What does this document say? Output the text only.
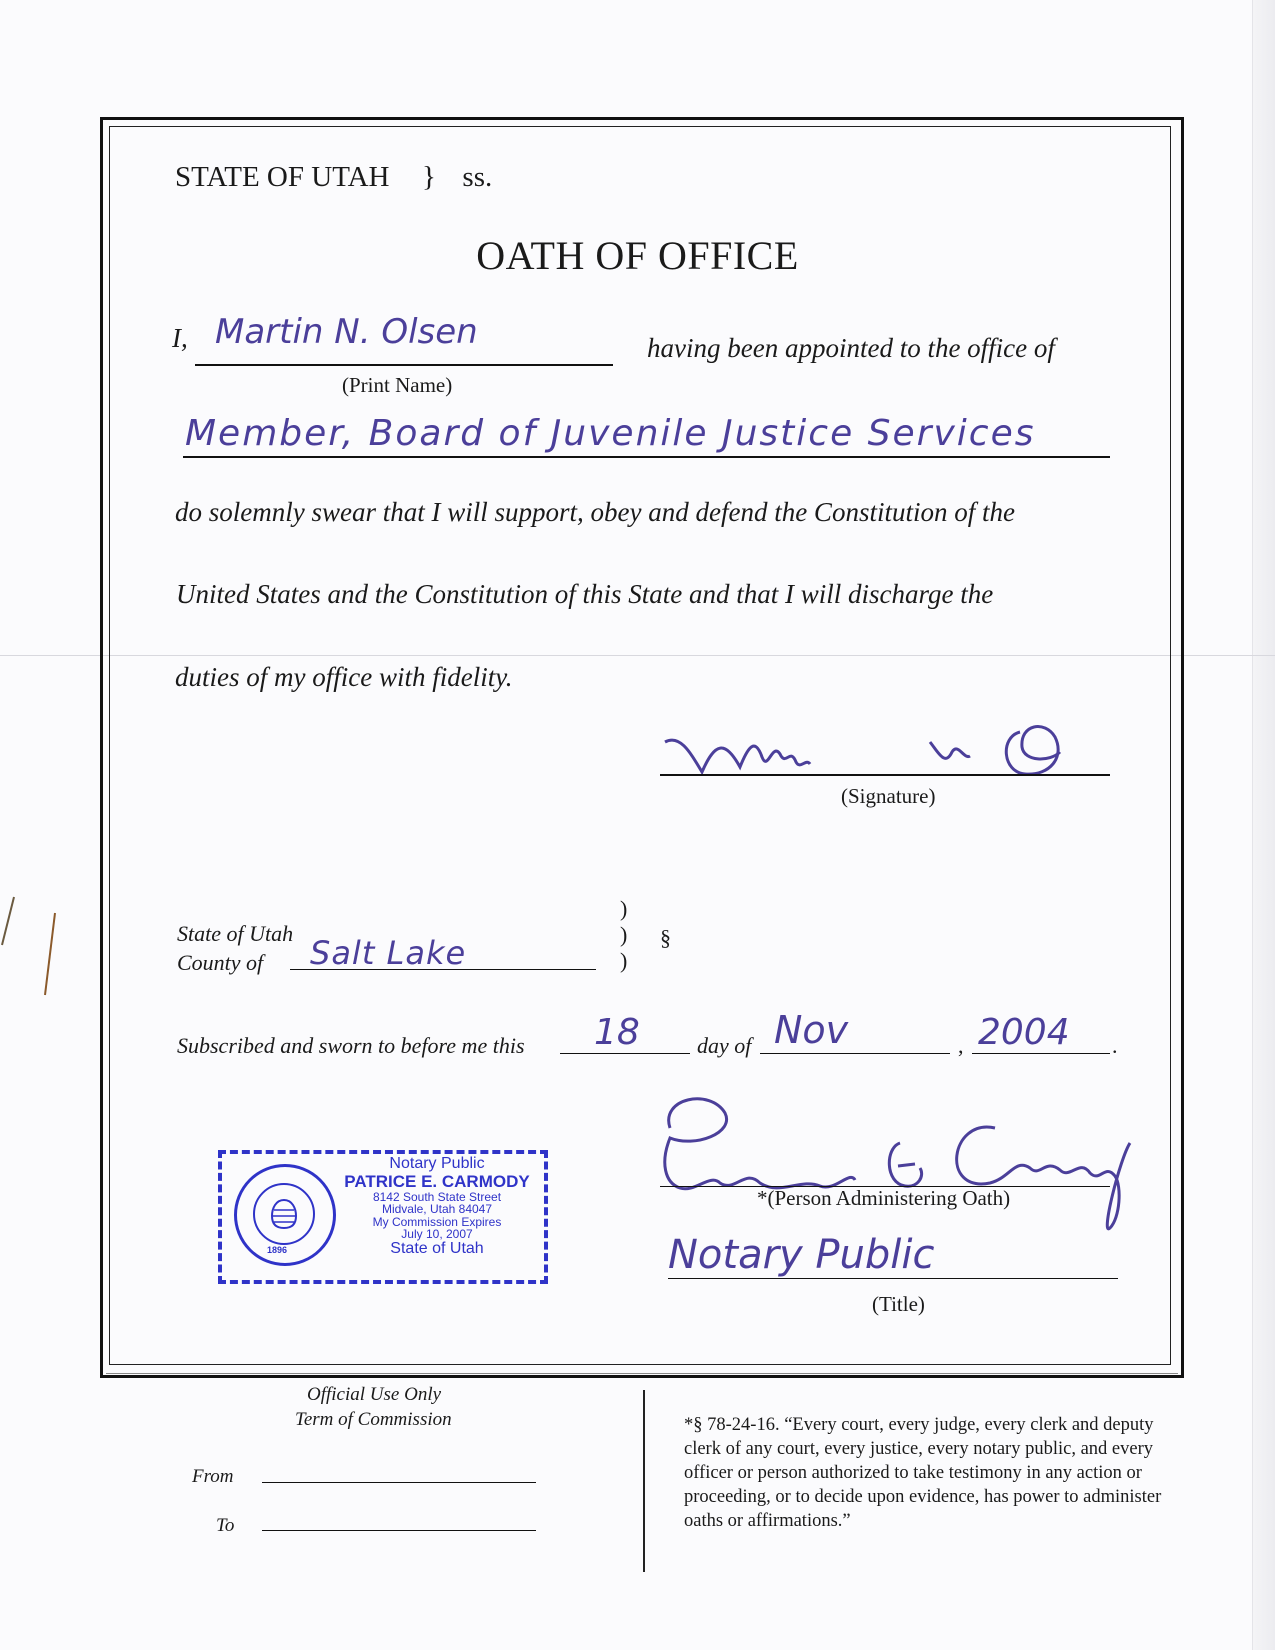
STATE OF UTAH } ss.
OATH OF OFFICE
I, Martin N. Olsen
(Print Name)
having been appointed to the office of
Member, Board of Juvenile Justice Services
do solemnly swear that I will support, obey and defend the Constitution of the
United States and the Constitution of this State and that I will discharge the
duties of my office with fidelity.
(Signature)
State of Utah
County of Salt Lake
)
)
)
§
Subscribed and sworn to before me this 18	day of Nov	, 2004 .
*(Person Administering Oath)
Notary Public
(Title)
1896
Notary Public
PATRICE E. CARMODY
8142 South State Street
Midvale, Utah 84047
My Commission Expires
July 10, 2007
State of Utah
Official Use Only
Term of Commission
From
To
*§ 78-24-16. “Every court, every judge, every clerk and deputy clerk of any court, every justice, every notary public, and every officer or person authorized to take testimony in any action or proceeding, or to decide upon evidence, has power to administer oaths or affirmations.”
